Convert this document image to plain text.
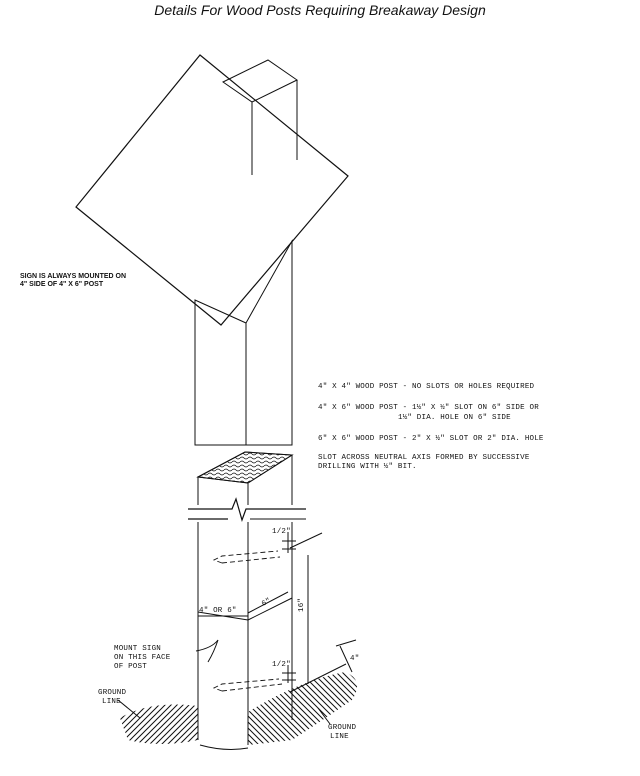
Details For Wood Posts Requiring Breakaway Design
SIGN IS ALWAYS MOUNTED ON
4" SIDE OF 4" X 6" POST
4" X 4" WOOD POST - NO SLOTS OR HOLES REQUIRED
4" X 6" WOOD POST - 1½" X ½" SLOT ON 6" SIDE OR
1½" DIA. HOLE ON 6" SIDE
6" X 6" WOOD POST - 2" X ½" SLOT OR 2" DIA. HOLE
SLOT ACROSS NEUTRAL AXIS FORMED BY SUCCESSIVE
DRILLING WITH ½" BIT.
1/2"
1/2"
16"
6"
4" OR 6"
4"
MOUNT SIGN
ON THIS FACE
OF POST
GROUND
LINE
GROUND
LINE
